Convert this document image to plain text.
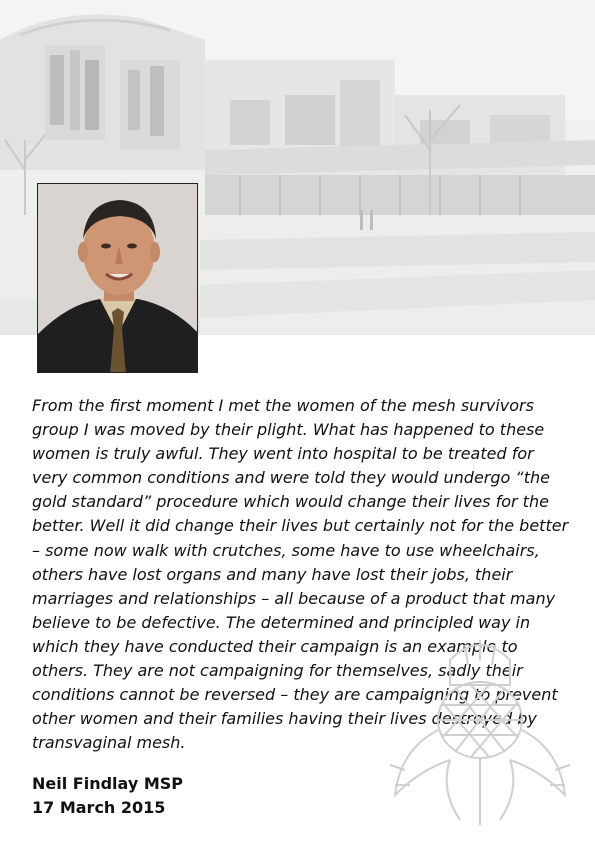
From the first moment I met the women of the mesh survivors
group I was moved by their plight. What has happened to these
women is truly awful. They went into hospital to be treated for
very common conditions and were told they would undergo “the
gold standard” procedure which would change their lives for the
better. Well it did change their lives but certainly not for the better
– some now walk with crutches, some have to use wheelchairs,
others have lost organs and many have lost their jobs, their
marriages and relationships – all because of a product that many
believe to be defective. The determined and principled way in
which they have conducted their campaign is an example to
others. They are not campaigning for themselves, sadly their
conditions cannot be reversed – they are campaigning to prevent
other women and their families having their lives destroyed by
transvaginal mesh.

Neil Findlay MSP

17 March 2015
